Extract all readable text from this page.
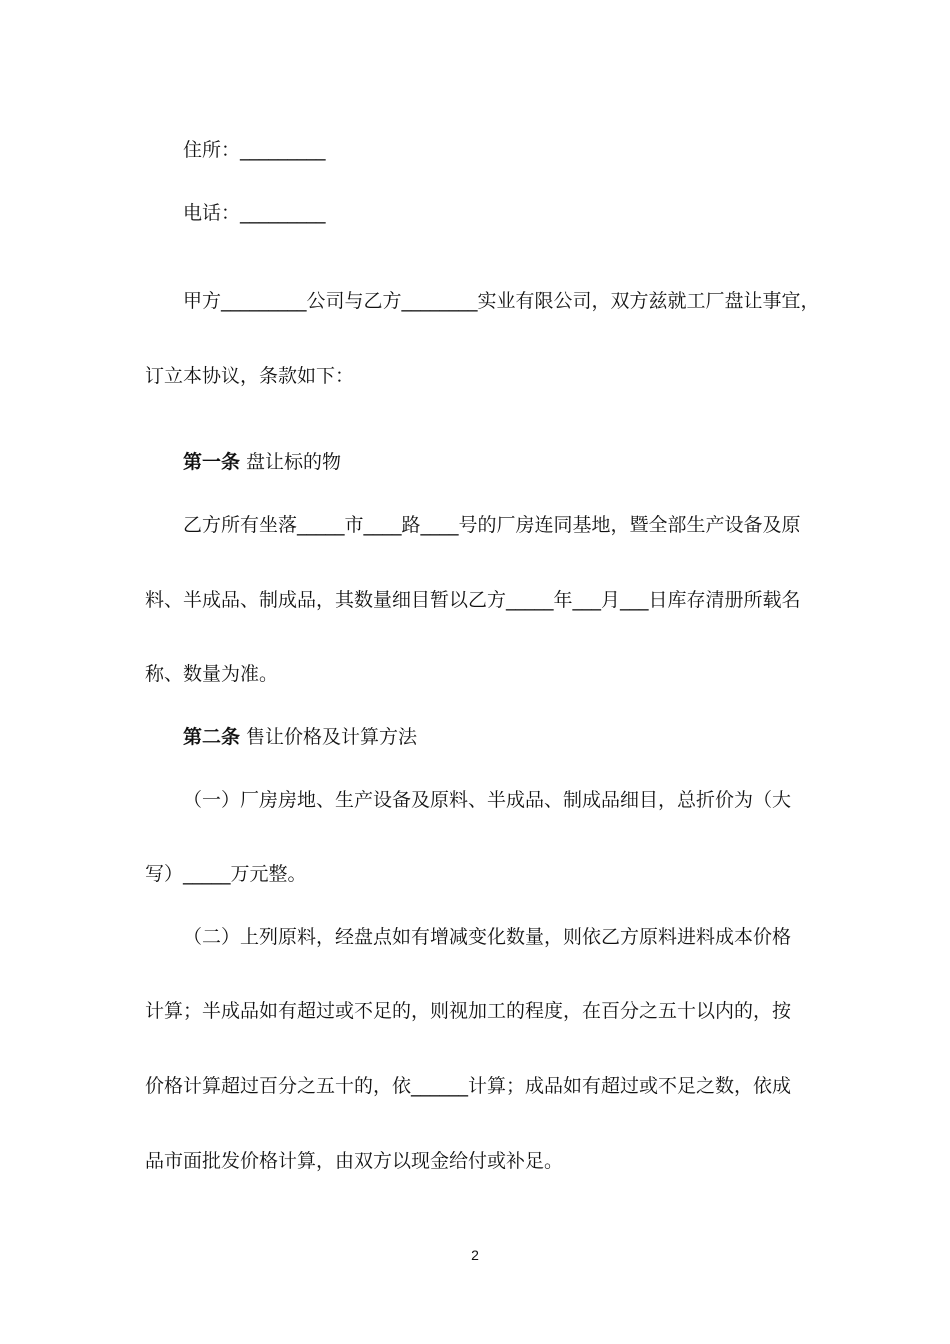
住所：_________

电话：_________

甲方_________公司与乙方________实业有限公司，双方兹就工厂盘让事宜，

订立本协议，条款如下：

第一条 盘让标的物

乙方所有坐落_____市____路____号的厂房连同基地，暨全部生产设备及原

料、半成品、制成品，其数量细目暂以乙方_____年___月___日库存清册所载名

称、数量为准。

第二条 售让价格及计算方法

（一）厂房房地、生产设备及原料、半成品、制成品细目，总折价为（大

写）_____万元整。

（二）上列原料，经盘点如有增减变化数量，则依乙方原料进料成本价格

计算；半成品如有超过或不足的，则视加工的程度，在百分之五十以内的，按

价格计算超过百分之五十的，依______计算；成品如有超过或不足之数，依成

品市面批发价格计算，由双方以现金给付或补足。

2
